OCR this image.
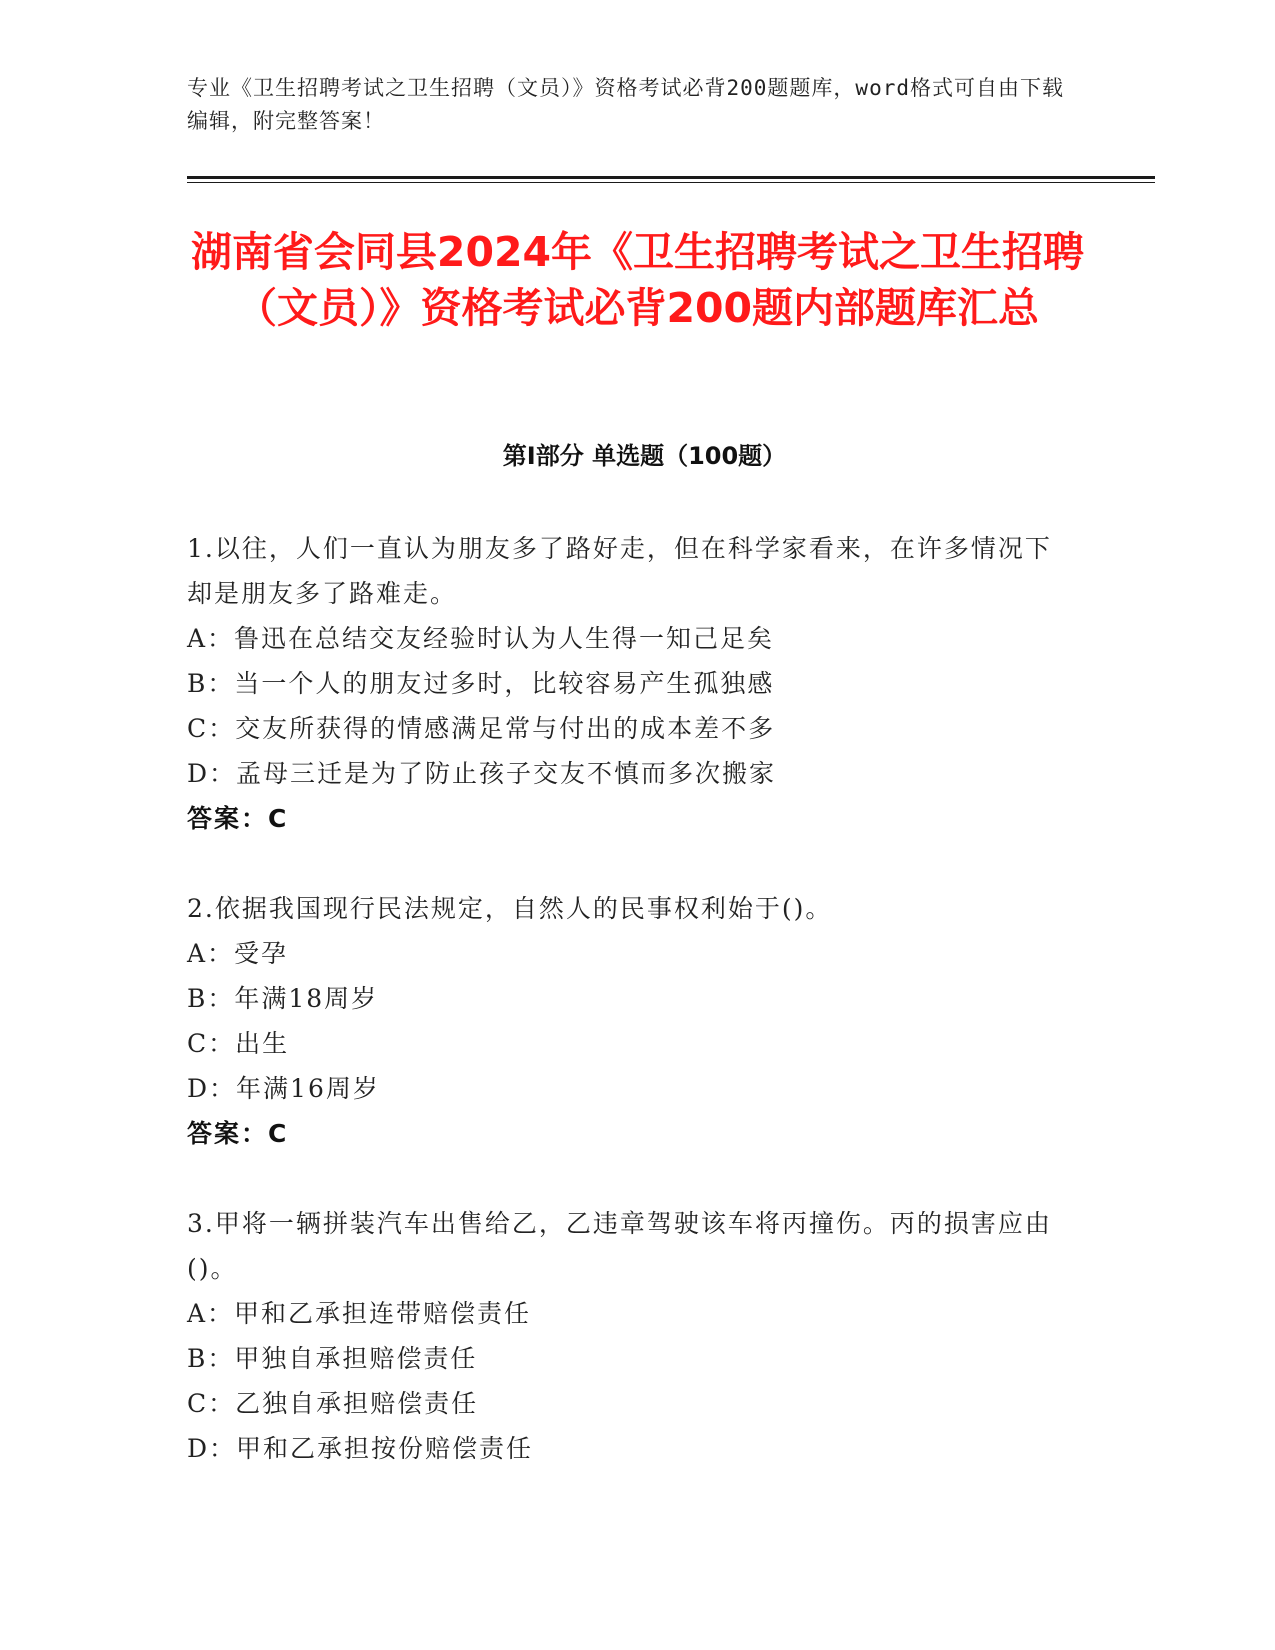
专业《卫生招聘考试之卫生招聘（文员）》资格考试必背200题题库，word格式可自由下载编辑，附完整答案！
湖南省会同县2024年《卫生招聘考试之卫生招聘（文员）》资格考试必背200题内部题库汇总
第I部分 单选题（100题）
1.以往，人们一直认为朋友多了路好走，但在科学家看来，在许多情况下却是朋友多了路难走。
A：鲁迅在总结交友经验时认为人生得一知己足矣
B：当一个人的朋友过多时，比较容易产生孤独感
C：交友所获得的情感满足常与付出的成本差不多
D：孟母三迁是为了防止孩子交友不慎而多次搬家
答案：C
2.依据我国现行民法规定，自然人的民事权利始于()。
A：受孕
B：年满18周岁
C：出生
D：年满16周岁
答案：C
3.甲将一辆拼装汽车出售给乙，乙违章驾驶该车将丙撞伤。丙的损害应由()。
A：甲和乙承担连带赔偿责任
B：甲独自承担赔偿责任
C：乙独自承担赔偿责任
D：甲和乙承担按份赔偿责任
